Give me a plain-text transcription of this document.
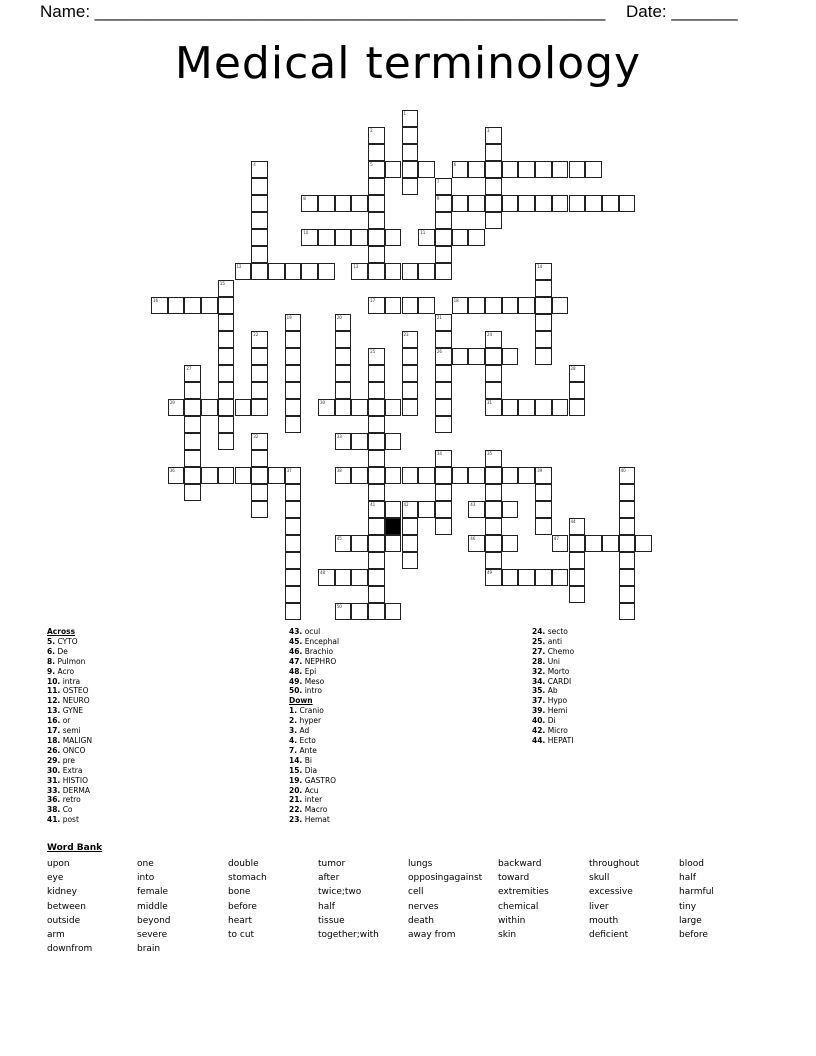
Name: ______________________________________________________ Date: _______
Medical terminology
1
2
5
3
4	6
7
9
8
10	11
12	13	14
15
16	17	18
19	20	21
26
22	23	24
31
25
41
27	28
29	30
32	33
34	35
49
36	37	38	39	40
42	43
44
45	46	47
48
50
Across
5. CYTO
6. De
8. Pulmon
9. Acro
10. intra
11. OSTEO
12. NEURO
13. GYNE
16. or
17. semi
18. MALIGN
26. ONCO
29. pre
30. Extra
31. HISTIO
33. DERMA
36. retro
38. Co
41. post
43. ocul
45. Encephal
46. Brachio
47. NEPHRO
48. Epi
49. Meso
50. intro
Down
1. Cranio
2. hyper
3. Ad
4. Ecto
7. Ante
14. Bi
15. Dia
19. GASTRO
20. Acu
21. inter
22. Macro
23. Hemat
24. secto
25. anti
27. Chemo
28. Uni
32. Morto
34. CARDI
35. Ab
37. Hypo
39. Hemi
40. Di
42. Micro
44. HEPATI
Word Bank
upon
eye
kidney
between
outside
arm
downfrom
one
into
female
middle
beyond
severe
brain
double
stomach
bone
before
heart
to cut
tumor
after
twice;two
half
tissue
together;with
lungs
opposingagainst
cell
nerves
death
away from
backward
toward
extremities
chemical
within
skin
throughout
skull
excessive
liver
mouth
deficient
blood
half
harmful
tiny
large
before
